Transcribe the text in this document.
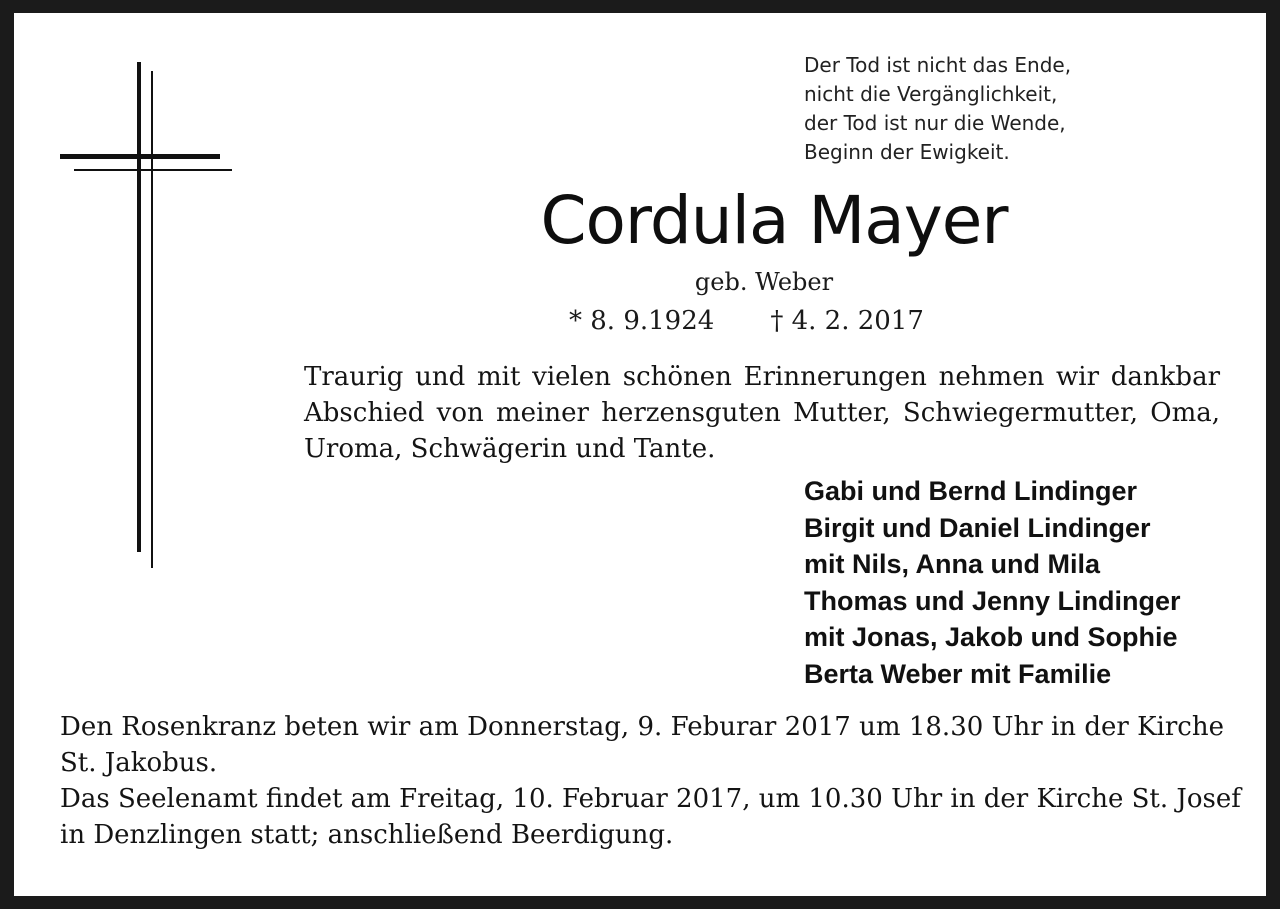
Der Tod ist nicht das Ende,
nicht die Vergänglichkeit,
der Tod ist nur die Wende,
Beginn der Ewigkeit.
Cordula Mayer
geb. Weber
* 8. 9.1924 † 4. 2. 2017
Traurig und mit vielen schönen Erinnerungen nehmen wir dankbar
Abschied von meiner herzensguten Mutter, Schwiegermutter, Oma,
Uroma, Schwägerin und Tante.
Gabi und Bernd Lindinger
Birgit und Daniel Lindinger
mit Nils, Anna und Mila
Thomas und Jenny Lindinger
mit Jonas, Jakob und Sophie
Berta Weber mit Familie
Den Rosenkranz beten wir am Donnerstag, 9. Feburar 2017 um 18.30 Uhr in der Kirche
St. Jakobus.
Das Seelenamt findet am Freitag, 10. Februar 2017, um 10.30 Uhr in der Kirche St. Josef
in Denzlingen statt; anschließend Beerdigung.
